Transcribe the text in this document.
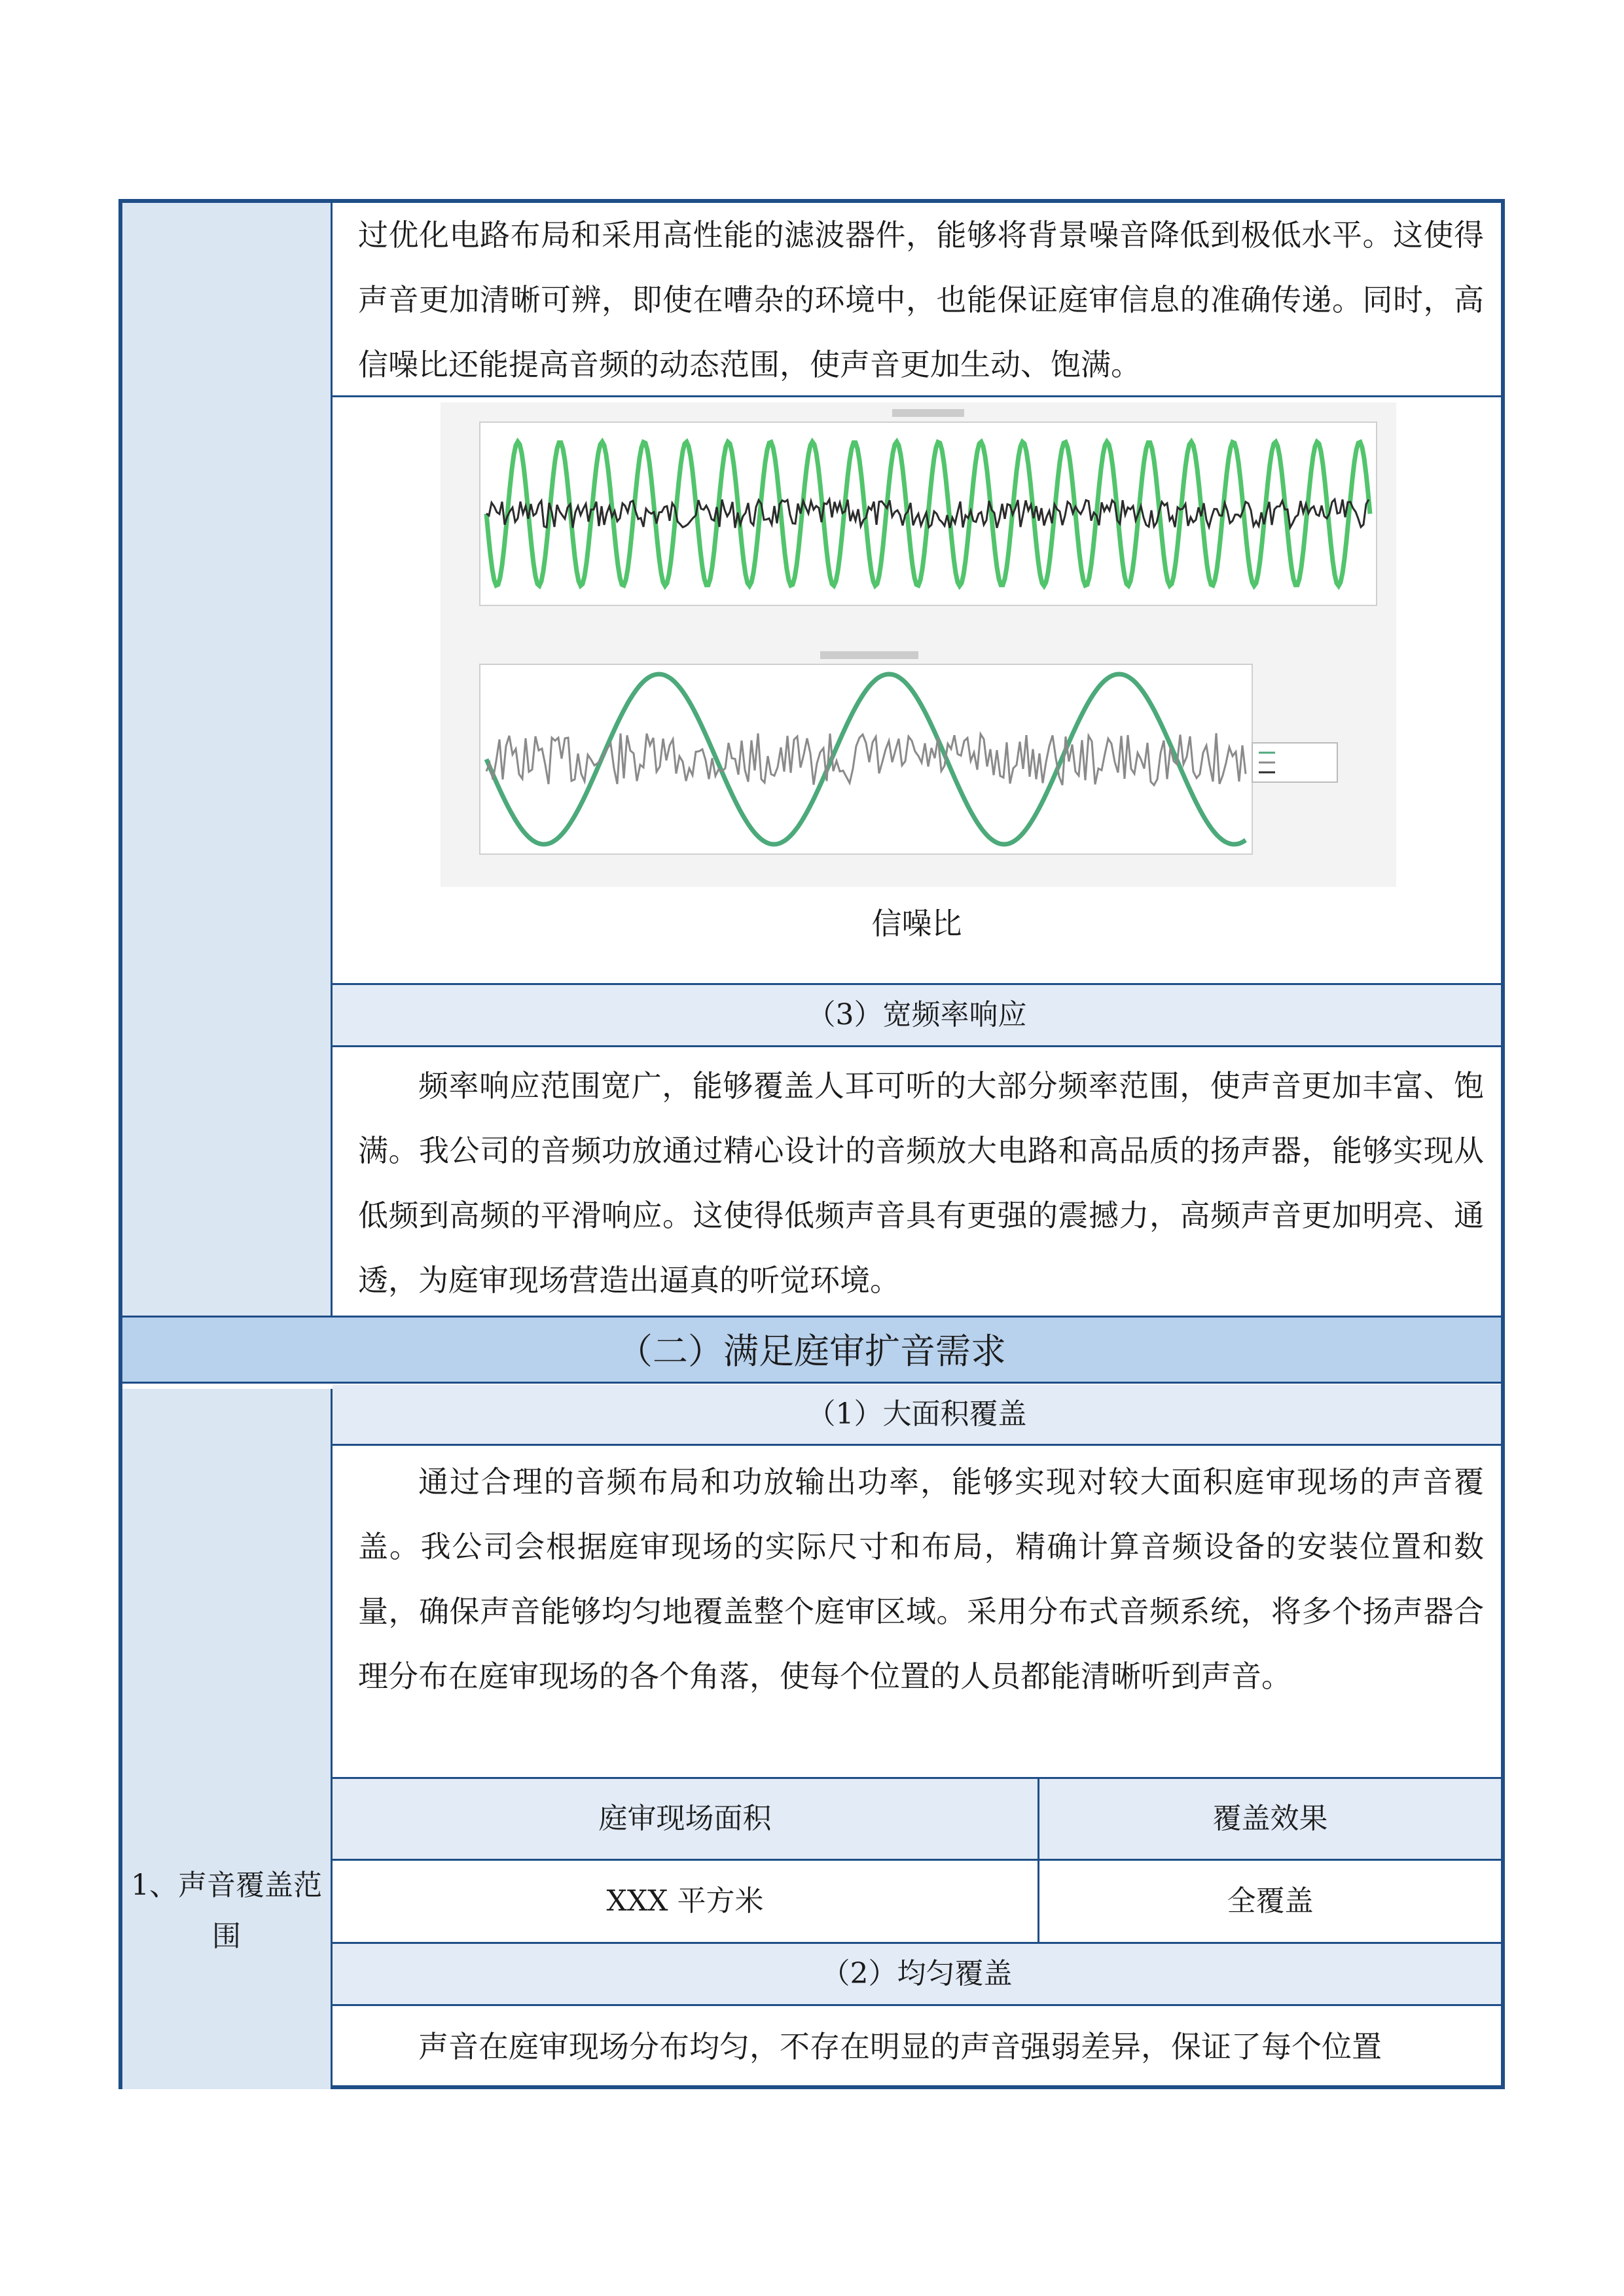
1、声音覆盖范围

过优化电路布局和采用高性能的滤波器件，能够将背景噪音降低到极低水平。这使得声音更加清晰可辨，即使在嘈杂的环境中，也能保证庭审信息的准确传递。同时，高信噪比还能提高音频的动态范围，使声音更加生动、饱满。

信噪比
（3）宽频率响应

频率响应范围宽广，能够覆盖人耳可听的大部分频率范围，使声音更加丰富、饱满。我公司的音频功放通过精心设计的音频放大电路和高品质的扬声器，能够实现从低频到高频的平滑响应。这使得低频声音具有更强的震撼力，高频声音更加明亮、通透，为庭审现场营造出逼真的听觉环境。

（二）满足庭审扩音需求
（1）大面积覆盖

通过合理的音频布局和功放输出功率，能够实现对较大面积庭审现场的声音覆盖。我公司会根据庭审现场的实际尺寸和布局，精确计算音频设备的安装位置和数量，确保声音能够均匀地覆盖整个庭审区域。采用分布式音频系统，将多个扬声器合理分布在庭审现场的各个角落，使每个位置的人员都能清晰听到声音。

庭审现场面积	覆盖效果
XXX 平方米	全覆盖
（2）均匀覆盖

声音在庭审现场分布均匀，不存在明显的声音强弱差异，保证了每个位置
